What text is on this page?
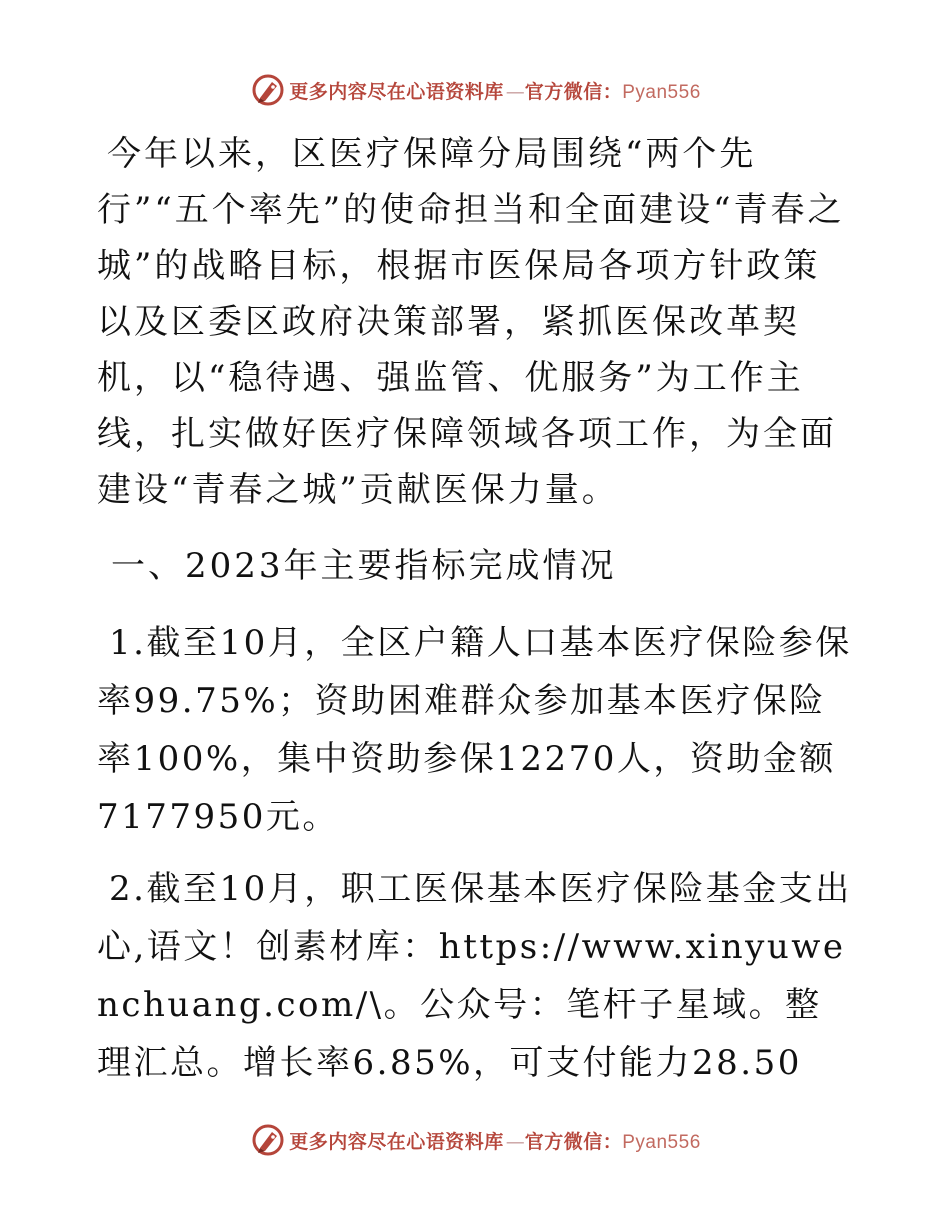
更多内容尽在心语资料库 — 官方微信：Pyan556

今年以来，区医疗保障分局围绕“两个先行”“五个率先”的使命担当和全面建设“青春之城”的战略目标，根据市医保局各项方针政策以及区委区政府决策部署，紧抓医保改革契机，以“稳待遇、强监管、优服务”为工作主线，扎实做好医疗保障领域各项工作，为全面建设“青春之城”贡献医保力量。

一、2023年主要指标完成情况

1.截至10月，全区户籍人口基本医疗保险参保率99.75%；资助困难群众参加基本医疗保险率100%，集中资助参保12270人，资助金额7177950元。

2.截至10月，职工医保基本医疗保险基金支出心,语文！创素材库：https://www.xinyuwenchuang.com/\。公众号：笔杆子星域。整理汇总。增长率6.85%，可支付能力28.50

更多内容尽在心语资料库 — 官方微信：Pyan556
